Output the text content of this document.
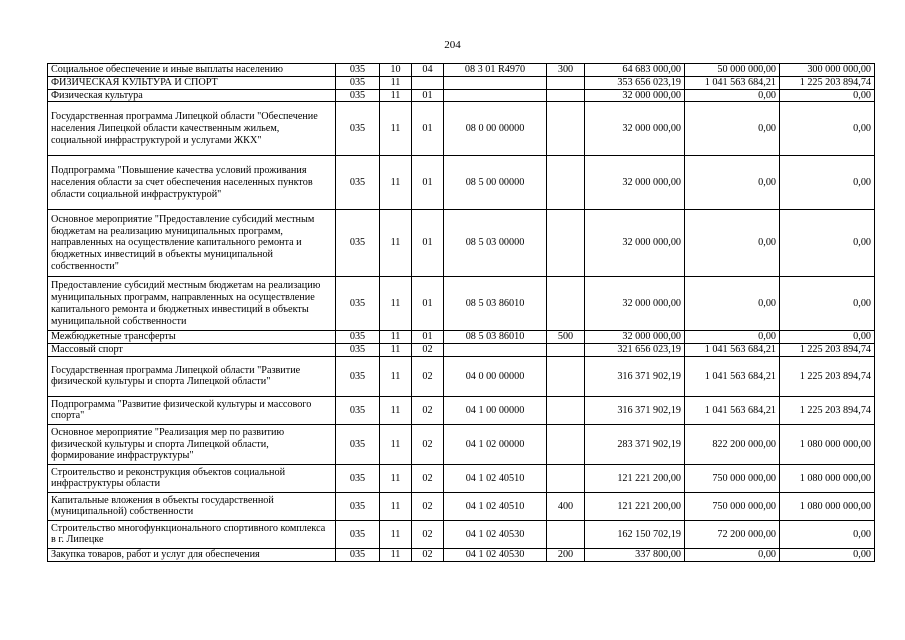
204
Социальное обеспечение и иные выплаты населению	035	10	04	08 3 01 R4970	300	64 683 000,00	50 000 000,00	300 000 000,00
ФИЗИЧЕСКАЯ КУЛЬТУРА И СПОРТ	035	11				353 656 023,19	1 041 563 684,21	1 225 203 894,74
Физическая культура	035	11	01			32 000 000,00	0,00	0,00
Государственная программа Липецкой области "Обеспечение населения Липецкой области качественным жильем, социальной инфраструктурой и услугами ЖКХ"	035	11	01	08 0 00 00000		32 000 000,00	0,00	0,00
Подпрограмма "Повышение качества условий проживания населения области за счет обеспечения населенных пунктов области социальной инфраструктурой"	035	11	01	08 5 00 00000		32 000 000,00	0,00	0,00
Основное мероприятие "Предоставление субсидий местным бюджетам на реализацию муниципальных программ, направленных на осуществление капитального ремонта и бюджетных инвестиций в объекты муниципальной собственности"	035	11	01	08 5 03 00000		32 000 000,00	0,00	0,00
Предоставление субсидий местным бюджетам на реализацию муниципальных программ, направленных на осуществление капитального ремонта и бюджетных инвестиций в объекты муниципальной собственности	035	11	01	08 5 03 86010		32 000 000,00	0,00	0,00
Межбюджетные трансферты	035	11	01	08 5 03 86010	500	32 000 000,00	0,00	0,00
Массовый спорт	035	11	02			321 656 023,19	1 041 563 684,21	1 225 203 894,74
Государственная программа Липецкой области "Развитие физической культуры и спорта Липецкой области"	035	11	02	04 0 00 00000		316 371 902,19	1 041 563 684,21	1 225 203 894,74
Подпрограмма "Развитие физической культуры и массового спорта"	035	11	02	04 1 00 00000		316 371 902,19	1 041 563 684,21	1 225 203 894,74
Основное мероприятие "Реализация мер по развитию физической культуры и спорта Липецкой области, формирование инфраструктуры"	035	11	02	04 1 02 00000		283 371 902,19	822 200 000,00	1 080 000 000,00
Строительство и реконструкция объектов социальной инфраструктуры области	035	11	02	04 1 02 40510		121 221 200,00	750 000 000,00	1 080 000 000,00
Капитальные вложения в объекты государственной (муниципальной) собственности	035	11	02	04 1 02 40510	400	121 221 200,00	750 000 000,00	1 080 000 000,00
Строительство многофункционального спортивного комплекса в г. Липецке	035	11	02	04 1 02 40530		162 150 702,19	72 200 000,00	0,00
Закупка товаров, работ и услуг для обеспечения	035	11	02	04 1 02 40530	200	337 800,00	0,00	0,00
